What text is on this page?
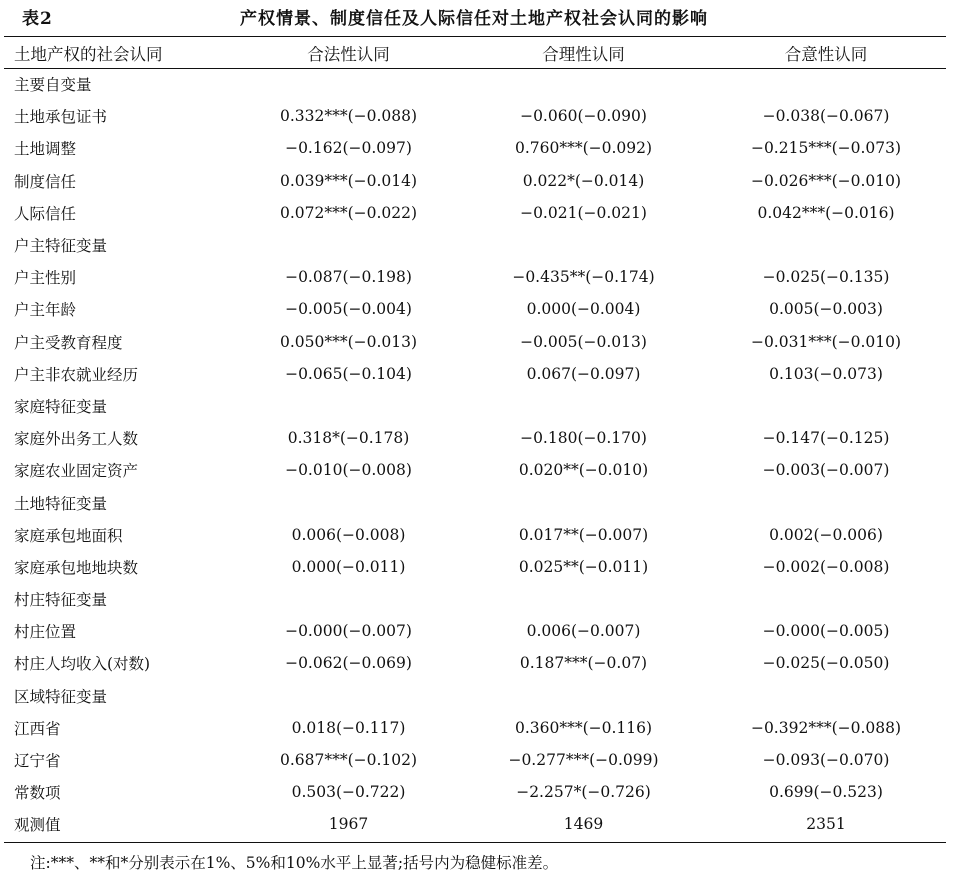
表2	产权情景、制度信任及人际信任对土地产权社会认同的影响
土地产权的社会认同	合法性认同	合理性认同	合意性认同
主要自变量			
土地承包证书	0.332***(−0.088)	−0.060(−0.090)	−0.038(−0.067)
土地调整	−0.162(−0.097)	0.760***(−0.092)	−0.215***(−0.073)
制度信任	0.039***(−0.014)	0.022*(−0.014)	−0.026***(−0.010)
人际信任	0.072***(−0.022)	−0.021(−0.021)	0.042***(−0.016)
户主特征变量			
户主性别	−0.087(−0.198)	−0.435**(−0.174)	−0.025(−0.135)
户主年龄	−0.005(−0.004)	0.000(−0.004)	0.005(−0.003)
户主受教育程度	0.050***(−0.013)	−0.005(−0.013)	−0.031***(−0.010)
户主非农就业经历	−0.065(−0.104)	0.067(−0.097)	0.103(−0.073)
家庭特征变量			
家庭外出务工人数	0.318*(−0.178)	−0.180(−0.170)	−0.147(−0.125)
家庭农业固定资产	−0.010(−0.008)	0.020**(−0.010)	−0.003(−0.007)
土地特征变量			
家庭承包地面积	0.006(−0.008)	0.017**(−0.007)	0.002(−0.006)
家庭承包地地块数	0.000(−0.011)	0.025**(−0.011)	−0.002(−0.008)
村庄特征变量			
村庄位置	−0.000(−0.007)	0.006(−0.007)	−0.000(−0.005)
村庄人均收入(对数)	−0.062(−0.069)	0.187***(−0.07)	−0.025(−0.050)
区域特征变量			
江西省	0.018(−0.117)	0.360***(−0.116)	−0.392***(−0.088)
辽宁省	0.687***(−0.102)	−0.277***(−0.099)	−0.093(−0.070)
常数项	0.503(−0.722)	−2.257*(−0.726)	0.699(−0.523)
观测值	1967	1469	2351
注:***、**和*分别表示在1%、5%和10%水平上显著;括号内为稳健标准差。
